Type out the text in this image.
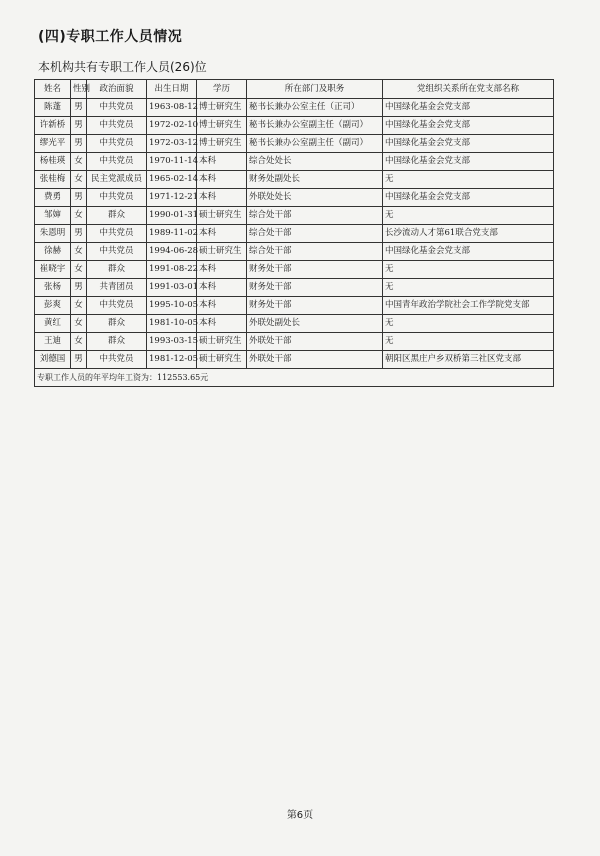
(四)专职工作人员情况
本机构共有专职工作人员(26)位
姓名	性别	政治面貌	出生日期	学历	所在部门及职务	党组织关系所在党支部名称
陈蓬	男	中共党员	1963-08-12	博士研究生	秘书长兼办公室主任（正司）	中国绿化基金会党支部
许新桥	男	中共党员	1972-02-10	博士研究生	秘书长兼办公室副主任（副司）	中国绿化基金会党支部
缪光平	男	中共党员	1972-03-12	博士研究生	秘书长兼办公室副主任（副司）	中国绿化基金会党支部
杨桂瑛	女	中共党员	1970-11-14	本科	综合处处长	中国绿化基金会党支部
张桂梅	女	民主党派成员	1965-02-14	本科	财务处副处长	无
费勇	男	中共党员	1971-12-21	本科	外联处处长	中国绿化基金会党支部
邹婶	女	群众	1990-01-31	硕士研究生	综合处干部	无
朱恩明	男	中共党员	1989-11-02	本科	综合处干部	长沙流动人才第61联合党支部
徐赫	女	中共党员	1994-06-28	硕士研究生	综合处干部	中国绿化基金会党支部
崔晓宇	女	群众	1991-08-22	本科	财务处干部	无
张杨	男	共青团员	1991-03-01	本科	财务处干部	无
彭爽	女	中共党员	1995-10-05	本科	财务处干部	中国青年政治学院社会工作学院党支部
黄红	女	群众	1981-10-05	本科	外联处副处长	无
王迪	女	群众	1993-03-15	硕士研究生	外联处干部	无
刘德国	男	中共党员	1981-12-05	硕士研究生	外联处干部	朝阳区黑庄户乡双桥第三社区党支部
专职工作人员的年平均年工资为：112553.65元						
第6页
